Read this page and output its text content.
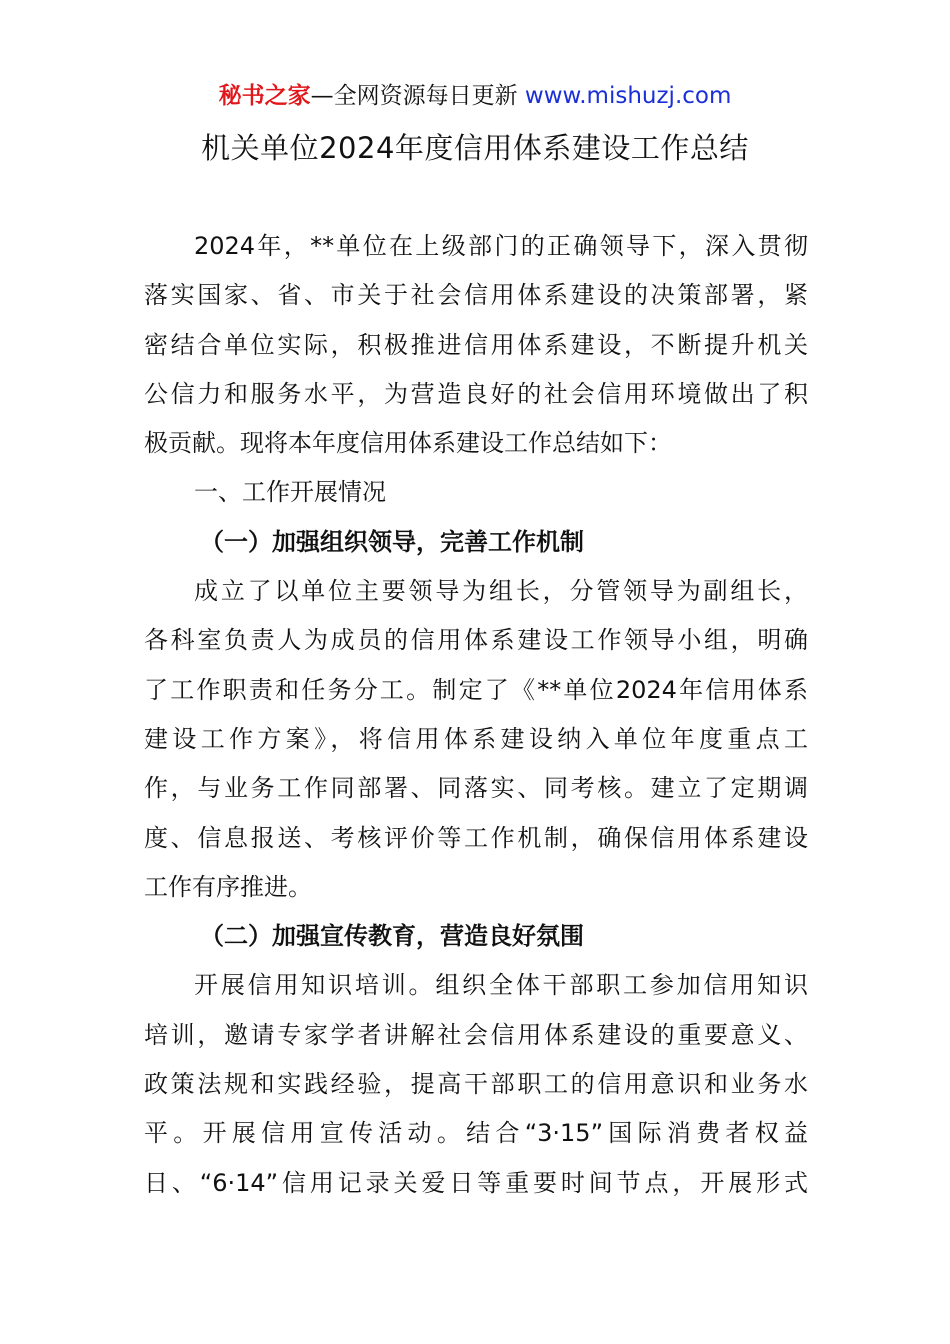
秘书之家—全网资源每日更新 www.mishuzj.com
机关单位2024年度信用体系建设工作总结
2024年，**单位在上级部门的正确领导下，深入贯彻
落实国家、省、市关于社会信用体系建设的决策部署，紧
密结合单位实际，积极推进信用体系建设，不断提升机关
公信力和服务水平，为营造良好的社会信用环境做出了积
极贡献。现将本年度信用体系建设工作总结如下：
一、工作开展情况
（一）加强组织领导，完善工作机制
成立了以单位主要领导为组长，分管领导为副组长，
各科室负责人为成员的信用体系建设工作领导小组，明确
了工作职责和任务分工。制定了《**单位2024年信用体系
建设工作方案》，将信用体系建设纳入单位年度重点工
作，与业务工作同部署、同落实、同考核。建立了定期调
度、信息报送、考核评价等工作机制，确保信用体系建设
工作有序推进。
（二）加强宣传教育，营造良好氛围
开展信用知识培训。组织全体干部职工参加信用知识
培训，邀请专家学者讲解社会信用体系建设的重要意义、
政策法规和实践经验，提高干部职工的信用意识和业务水
平。开展信用宣传活动。结合“3·15”国际消费者权益
日、“6·14”信用记录关爱日等重要时间节点，开展形式
